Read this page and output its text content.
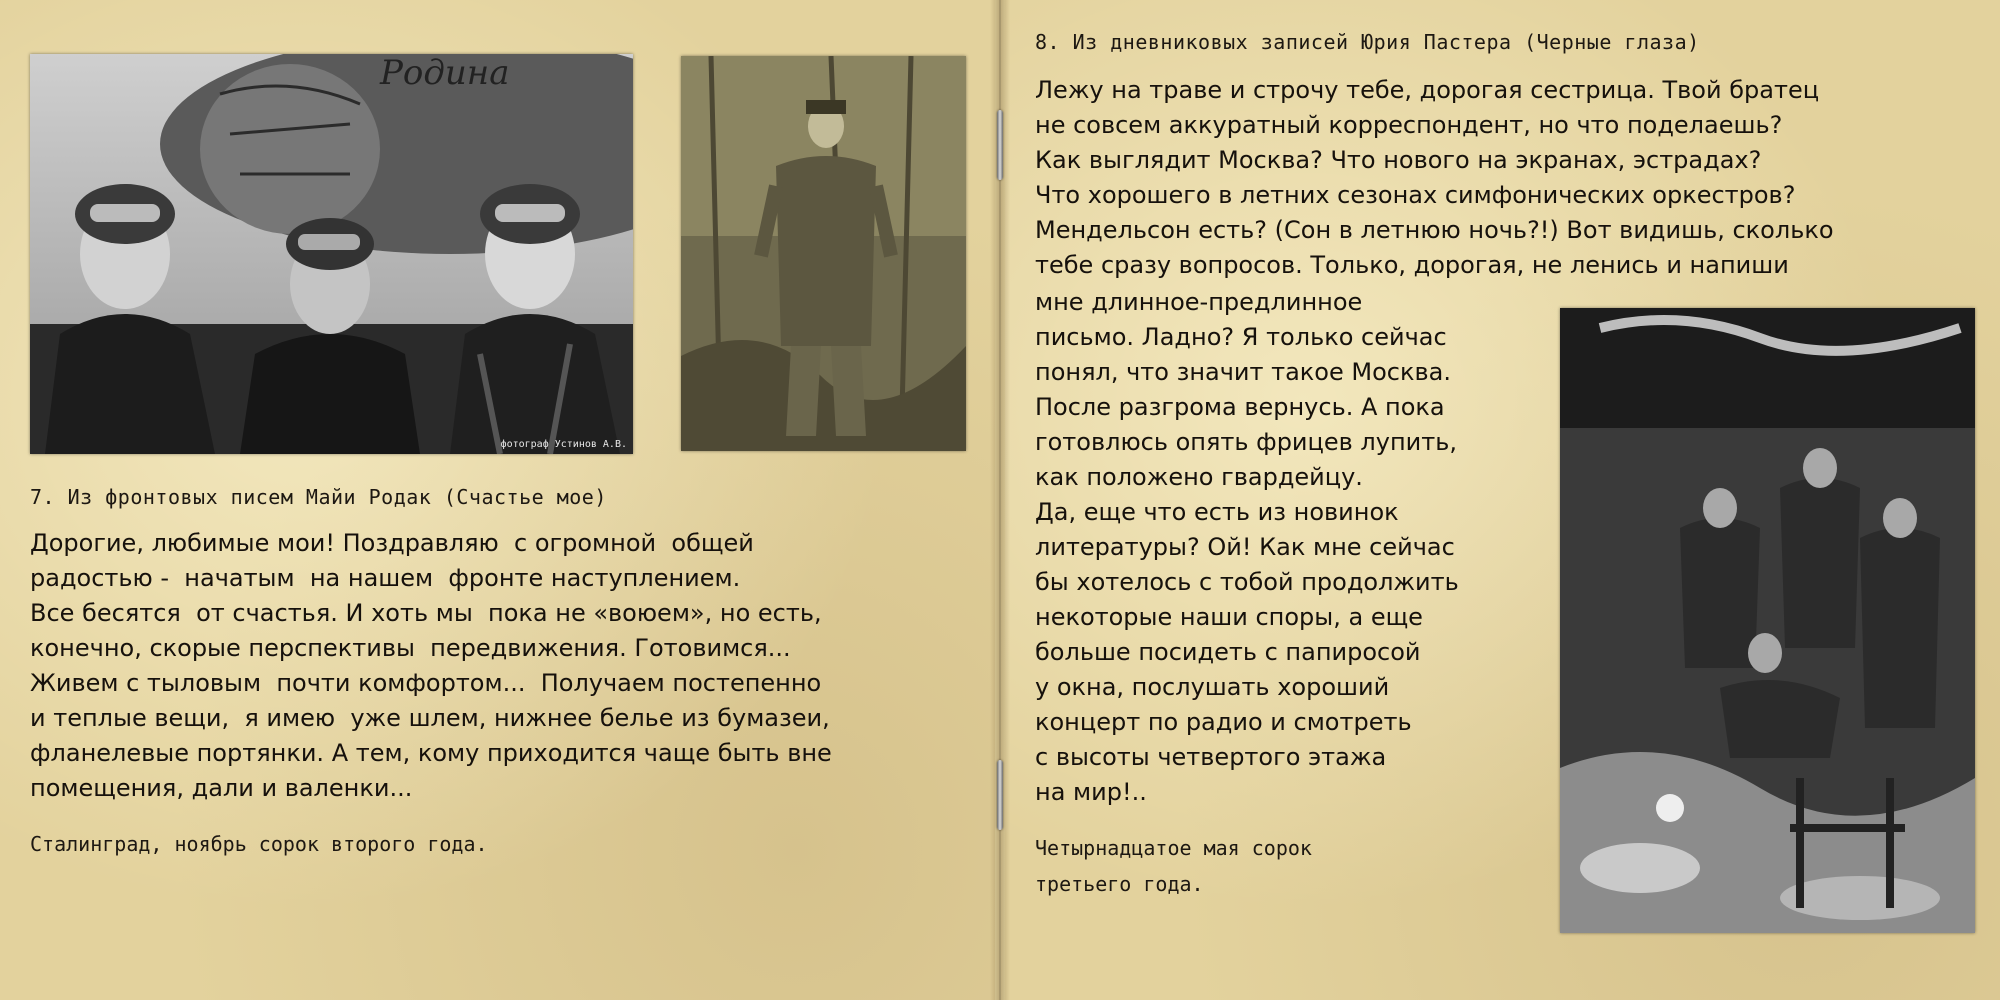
Родина
фотограф Устинов А.В.
7. Из фронтовых писем Майи Родак (Счастье мое)
Дорогие, любимые мои! Поздравляю  с огромной  общей
радостью -  начатым  на нашем  фронте наступлением.
Все бесятся  от счастья. И хоть мы  пока не «воюем», но есть,
конечно, скорые перспективы  передвижения. Готовимся...
Живем с тыловым  почти комфортом...  Получаем постепенно
и теплые вещи,  я имею  уже шлем, нижнее белье из бумазеи,
фланелевые портянки. А тем, кому приходится чаще быть вне
помещения, дали и валенки...
Сталинград, ноябрь сорок второго года.
8. Из дневниковых записей Юрия Пастера (Черные глаза)
Лежу на траве и строчу тебе, дорогая сестрица. Твой братец
не совсем аккуратный корреспондент, но что поделаешь?
Как выглядит Москва? Что нового на экранах, эстрадах?
Что хорошего в летних сезонах симфонических оркестров?
Мендельсон есть? (Сон в летнюю ночь?!) Вот видишь, сколько
тебе сразу вопросов. Только, дорогая, не ленись и напиши
мне длинное-предлинное
письмо. Ладно? Я только сейчас
понял, что значит такое Москва.
После разгрома вернусь. А пока
готовлюсь опять фрицев лупить,
как положено гвардейцу.
Да, еще что есть из новинок
литературы? Ой! Как мне сейчас
бы хотелось с тобой продолжить
некоторые наши споры, а еще
больше посидеть с папиросой
у окна, послушать хороший
концерт по радио и смотреть
с высоты четвертого этажа
на мир!..
Четырнадцатое мая сорок
третьего года.
